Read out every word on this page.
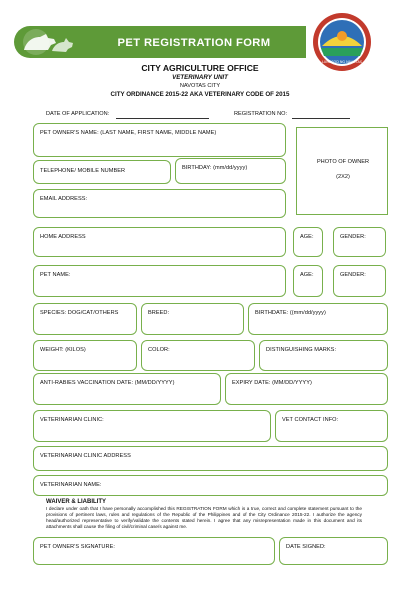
PET REGISTRATION FORM
LUNGSOD NG NAVOTAS
CITY AGRICULTURE OFFICE
VETERINARY UNIT
NAVOTAS CITY
CITY ORDINANCE 2015-22 AKA VETERINARY CODE OF 2015
DATE OF APPLICATION:	REGISTRATION NO:
PET OWNER'S NAME: (LAST NAME, FIRST NAME, MIDDLE NAME)
TELEPHONE/ MOBILE NUMBER	BIRTHDAY: (mm/dd/yyyy)
PHOTO OF OWNER
(2X2)
EMAIL ADDRESS:
HOME ADDRESS	AGE:	GENDER:
PET NAME:	AGE:	GENDER:
SPECIES: DOG/CAT/OTHERS	BREED:	BIRTHDATE: ((mm/dd/yyyy)
WEIGHT: (KILOS)	COLOR:	DISTINGUISHING MARKS:
ANTI-RABIES VACCINATION DATE: (MM/DD/YYYY)	EXPIRY DATE: (MM/DD/YYYY)
VETERINARIAN CLINIC:	VET CONTACT INFO:
VETERINARIAN CLINIC ADDRESS
VETERINARIAN NAME:
WAIVER & LIABILITY
I declare under oath that I have personally accomplished this REGISTRATION FORM which is a true, correct and complete statement pursuant to the provisions of pertinent laws, rules and regulations of the Republic of the Philippines and of the City Ordinance 2015-22. I authorize the agency head/authorized representative to verify/validate the contents stated herein. I agree that any misrepresentation made in this document and its attachments shall cause the filing of civil/criminal case/s against me.
PET OWNER'S SIGNATURE:	DATE SIGNED:
